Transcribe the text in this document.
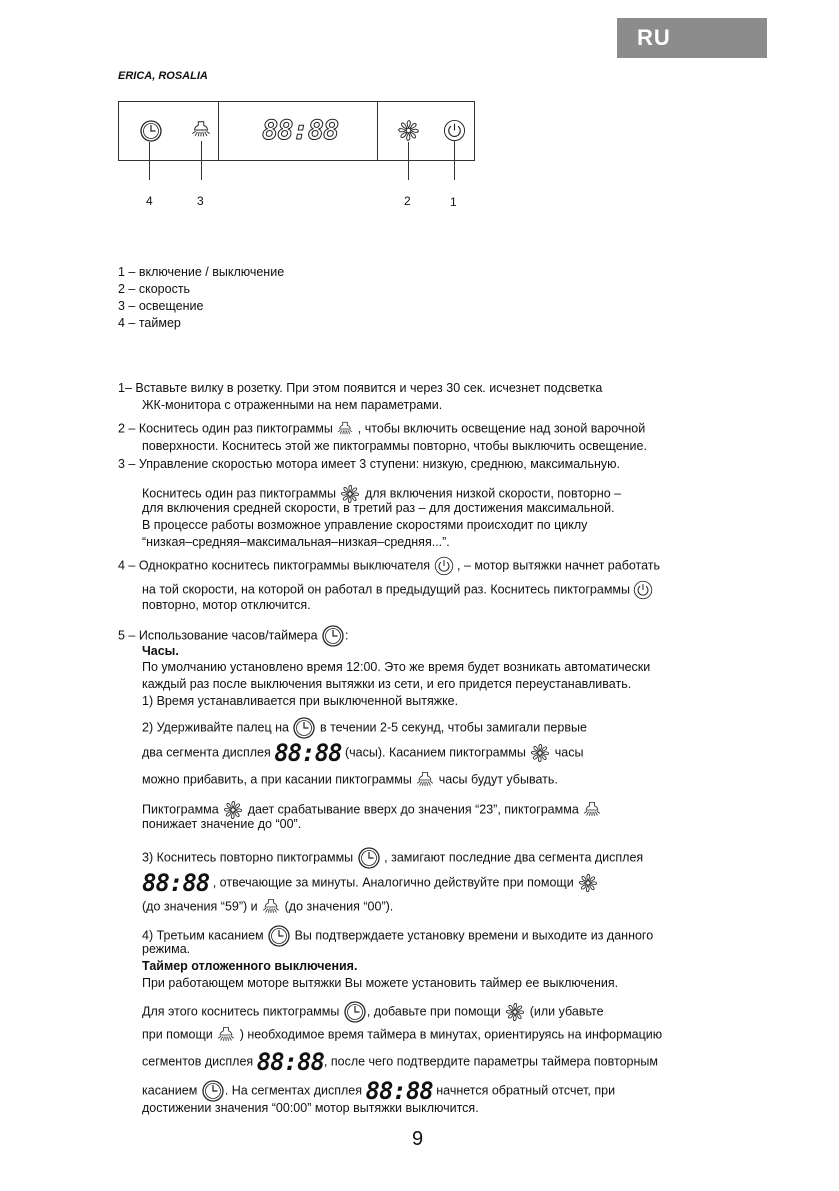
RU
ERICA, ROSALIA
88:88
4	3	2	1
1 – включение / выключение
2 – скорость
3 – освещение
4 – таймер
1– Вставьте вилку в розетку. При этом появится и через 30 сек. исчезнет подсветка
ЖК-монитора с отраженными на нем параметрами.
2 – Коснитесь один раз пиктограммы , чтобы включить освещение над зоной варочной
поверхности. Коснитесь этой же пиктограммы повторно, чтобы выключить освещение.
3 – Управление скоростью мотора имеет 3 ступени: низкую, среднюю, максимальную.
Коснитесь один раз пиктограммы для включения низкой скорости, повторно –
для включения средней скорости, в третий раз – для достижения максимальной.
В процессе работы возможное управление скоростями происходит по циклу
“низкая–средняя–максимальная–низкая–средняя...”.
4 – Однократно коснитесь пиктограммы выключателя , – мотор вытяжки начнет работать
на той скорости, на которой он работал в предыдущий раз. Коснитесь пиктограммы
повторно, мотор отключится.
5 – Использование часов/таймера :
Часы.
По умолчанию установлено время 12:00. Это же время будет возникать автоматически
каждый раз после выключения вытяжки из сети, и его придется переустанавливать.
1) Время устанавливается при выключенной вытяжке.
2) Удерживайте палец на в течении 2-5 секунд, чтобы замигали первые
два сегмента дисплея 88:88 (часы). Касанием пиктограммы часы
можно прибавить, а при касании пиктограммы часы будут убывать.
Пиктограмма дает срабатывание вверх до значения “23”, пиктограмма
понижает значение до “00”.
3) Коснитесь повторно пиктограммы , замигают последние два сегмента дисплея
88:88 , отвечающие за минуты. Аналогично действуйте при помощи
(до значения “59”) и (до значения “00”).
4) Третьим касанием Вы подтверждаете установку времени и выходите из данного
режима.
Таймер отложенного выключения.
При работающем моторе вытяжки Вы можете установить таймер ее выключения.
Для этого коснитесь пиктограммы , добавьте при помощи (или убавьте
при помощи ) необходимое время таймера в минутах, ориентируясь на информацию
сегментов дисплея 88:88, после чего подтвердите параметры таймера повторным
касанием . На сегментах дисплея 88:88 начнется обратный отсчет, при
достижении значения “00:00” мотор вытяжки выключится.
9
